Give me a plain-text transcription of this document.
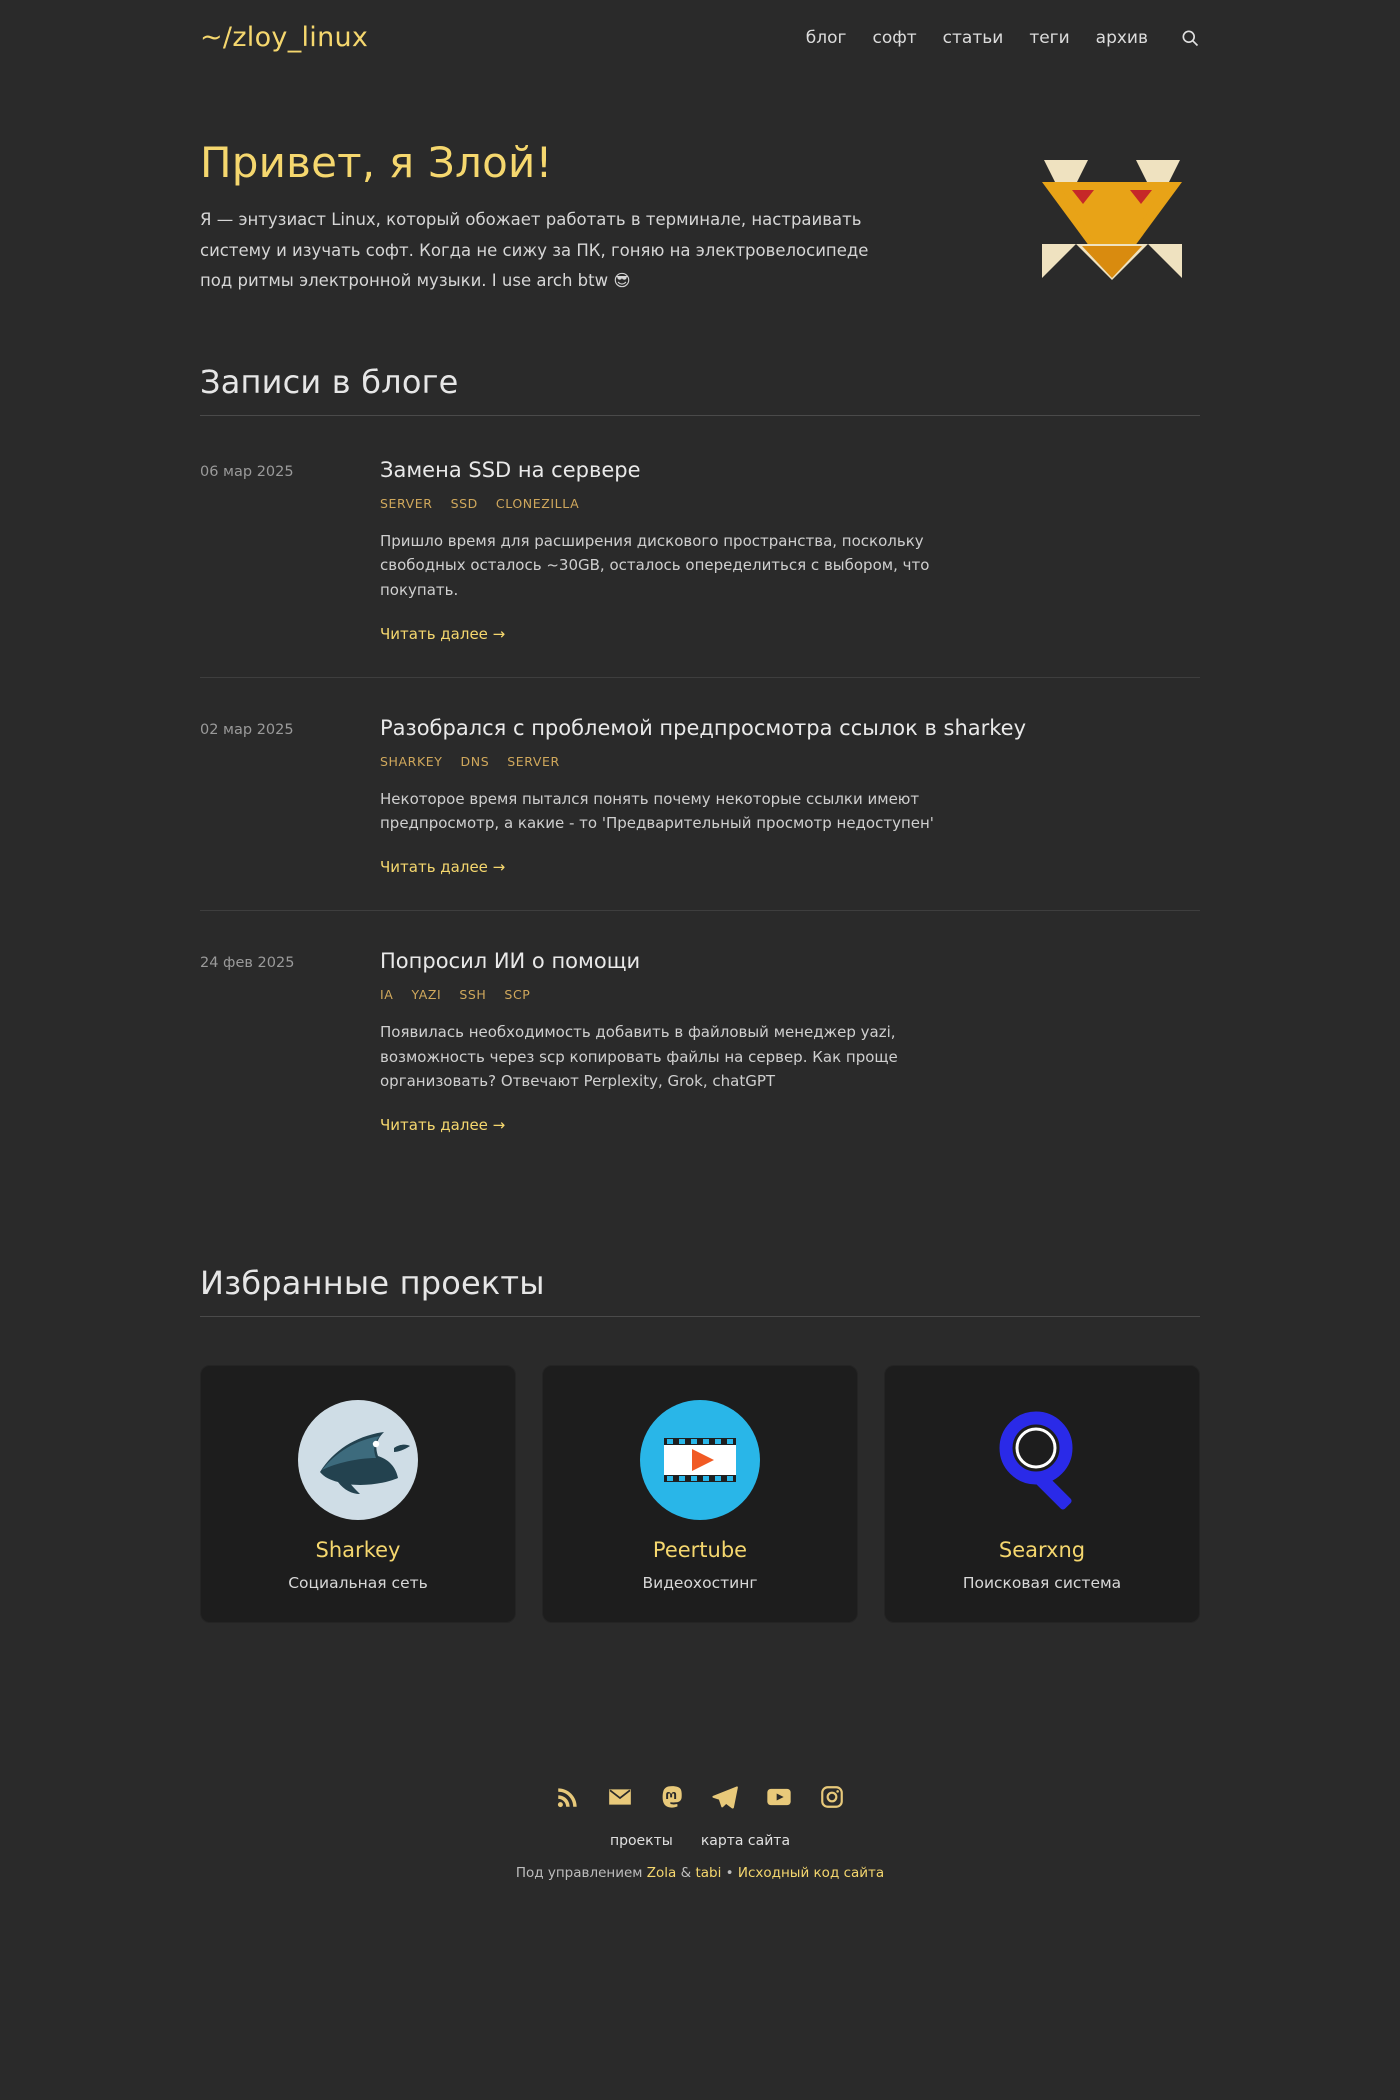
~/zloy_linux	блог софт статьи теги архив
Привет, я Злой!

Я — энтузиаст Linux, который обожает работать в терминале, настраивать систему и изучать софт. Когда не сижу за ПК, гоняю на электровелосипеде под ритмы электронной музыки. I use arch btw 😎

Записи в блоге
06 мар 2025	Замена SSD на сервере
SERVER SSD CLONEZILLA

Пришло время для расширения дискового пространства, поскольку свободных осталось ~30GB, осталось опеределиться с выбором, что покупать.

Читать далее →
02 мар 2025	Разобрался с проблемой предпросмотра ссылок в sharkey
SHARKEY DNS SERVER

Некоторое время пытался понять почему некоторые ссылки имеют предпросмотр, а какие - то 'Предварительный просмотр недоступен'

Читать далее →
24 фев 2025	Попросил ИИ о помощи
IA YAZI SSH SCP

Появилась необходимость добавить в файловый менеджер yazi, возможность через scp копировать файлы на сервер. Как проще организовать? Отвечают Perplexity, Grok, chatGPT

Читать далее →
Избранные проекты
Sharkey
Социальная сеть
Peertube
Видеохостинг
Searxng
Поисковая система
проекты карта сайта
Под управлением Zola & tabi • Исходный код сайта
